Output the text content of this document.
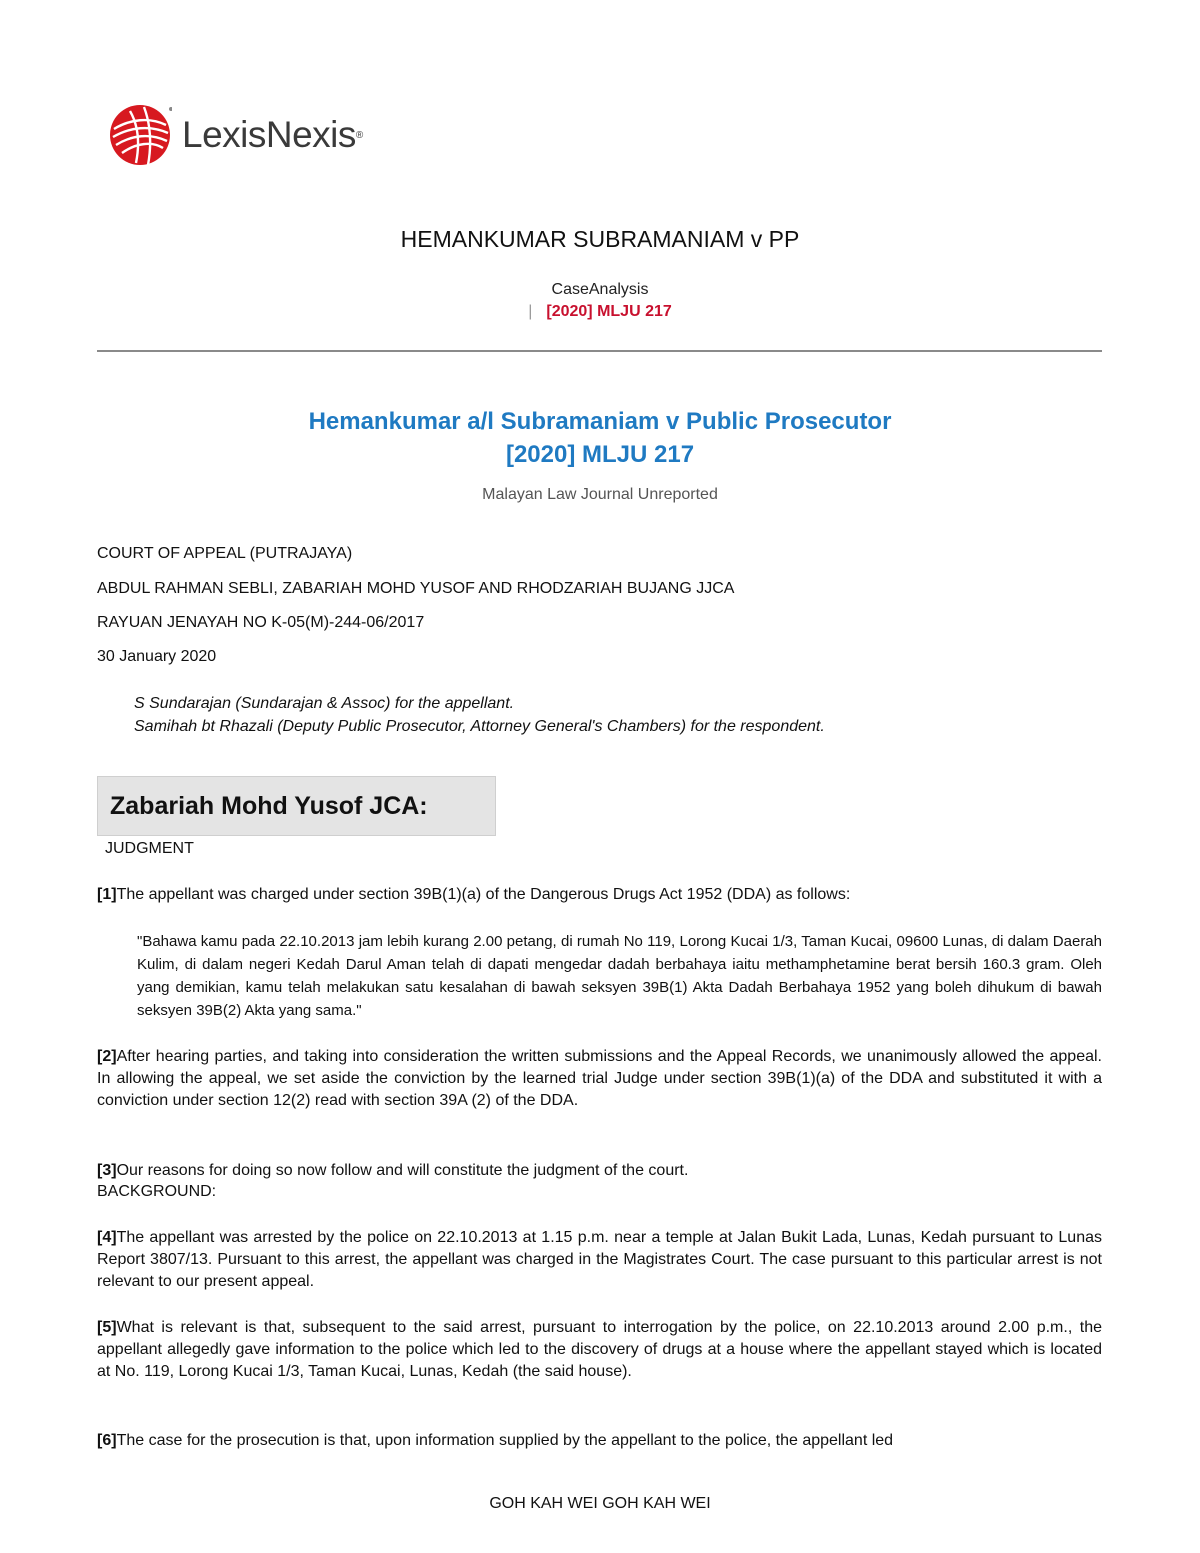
LexisNexis ®
HEMANKUMAR SUBRAMANIAM v PP
CaseAnalysis
| [2020] MLJU 217
Hemankumar a/l Subramaniam v Public Prosecutor
[2020] MLJU 217
Malayan Law Journal Unreported
COURT OF APPEAL (PUTRAJAYA)
ABDUL RAHMAN SEBLI, ZABARIAH MOHD YUSOF AND RHODZARIAH BUJANG JJCA
RAYUAN JENAYAH NO K-05(M)-244-06/2017
30 January 2020
S Sundarajan (Sundarajan & Assoc) for the appellant.
Samihah bt Rhazali (Deputy Public Prosecutor, Attorney General's Chambers) for the respondent.
Zabariah Mohd Yusof JCA:
JUDGMENT
[1]The appellant was charged under section 39B(1)(a) of the Dangerous Drugs Act 1952 (DDA) as follows:
"Bahawa kamu pada 22.10.2013 jam lebih kurang 2.00 petang, di rumah No 119, Lorong Kucai 1/3, Taman Kucai, 09600 Lunas, di dalam Daerah Kulim, di dalam negeri Kedah Darul Aman telah di dapati mengedar dadah berbahaya iaitu methamphetamine berat bersih 160.3 gram. Oleh yang demikian, kamu telah melakukan satu kesalahan di bawah seksyen 39B(1) Akta Dadah Berbahaya 1952 yang boleh dihukum di bawah seksyen 39B(2) Akta yang sama."
[2]After hearing parties, and taking into consideration the written submissions and the Appeal Records, we unanimously allowed the appeal. In allowing the appeal, we set aside the conviction by the learned trial Judge under section 39B(1)(a) of the DDA and substituted it with a conviction under section 12(2) read with section 39A (2) of the DDA.
[3]Our reasons for doing so now follow and will constitute the judgment of the court.
BACKGROUND:
[4]The appellant was arrested by the police on 22.10.2013 at 1.15 p.m. near a temple at Jalan Bukit Lada, Lunas, Kedah pursuant to Lunas Report 3807/13. Pursuant to this arrest, the appellant was charged in the Magistrates Court. The case pursuant to this particular arrest is not relevant to our present appeal.
[5]What is relevant is that, subsequent to the said arrest, pursuant to interrogation by the police, on 22.10.2013 around 2.00 p.m., the appellant allegedly gave information to the police which led to the discovery of drugs at a house where the appellant stayed which is located at No. 119, Lorong Kucai 1/3, Taman Kucai, Lunas, Kedah (the said house).
[6]The case for the prosecution is that, upon information supplied by the appellant to the police, the appellant led
GOH KAH WEI GOH KAH WEI
